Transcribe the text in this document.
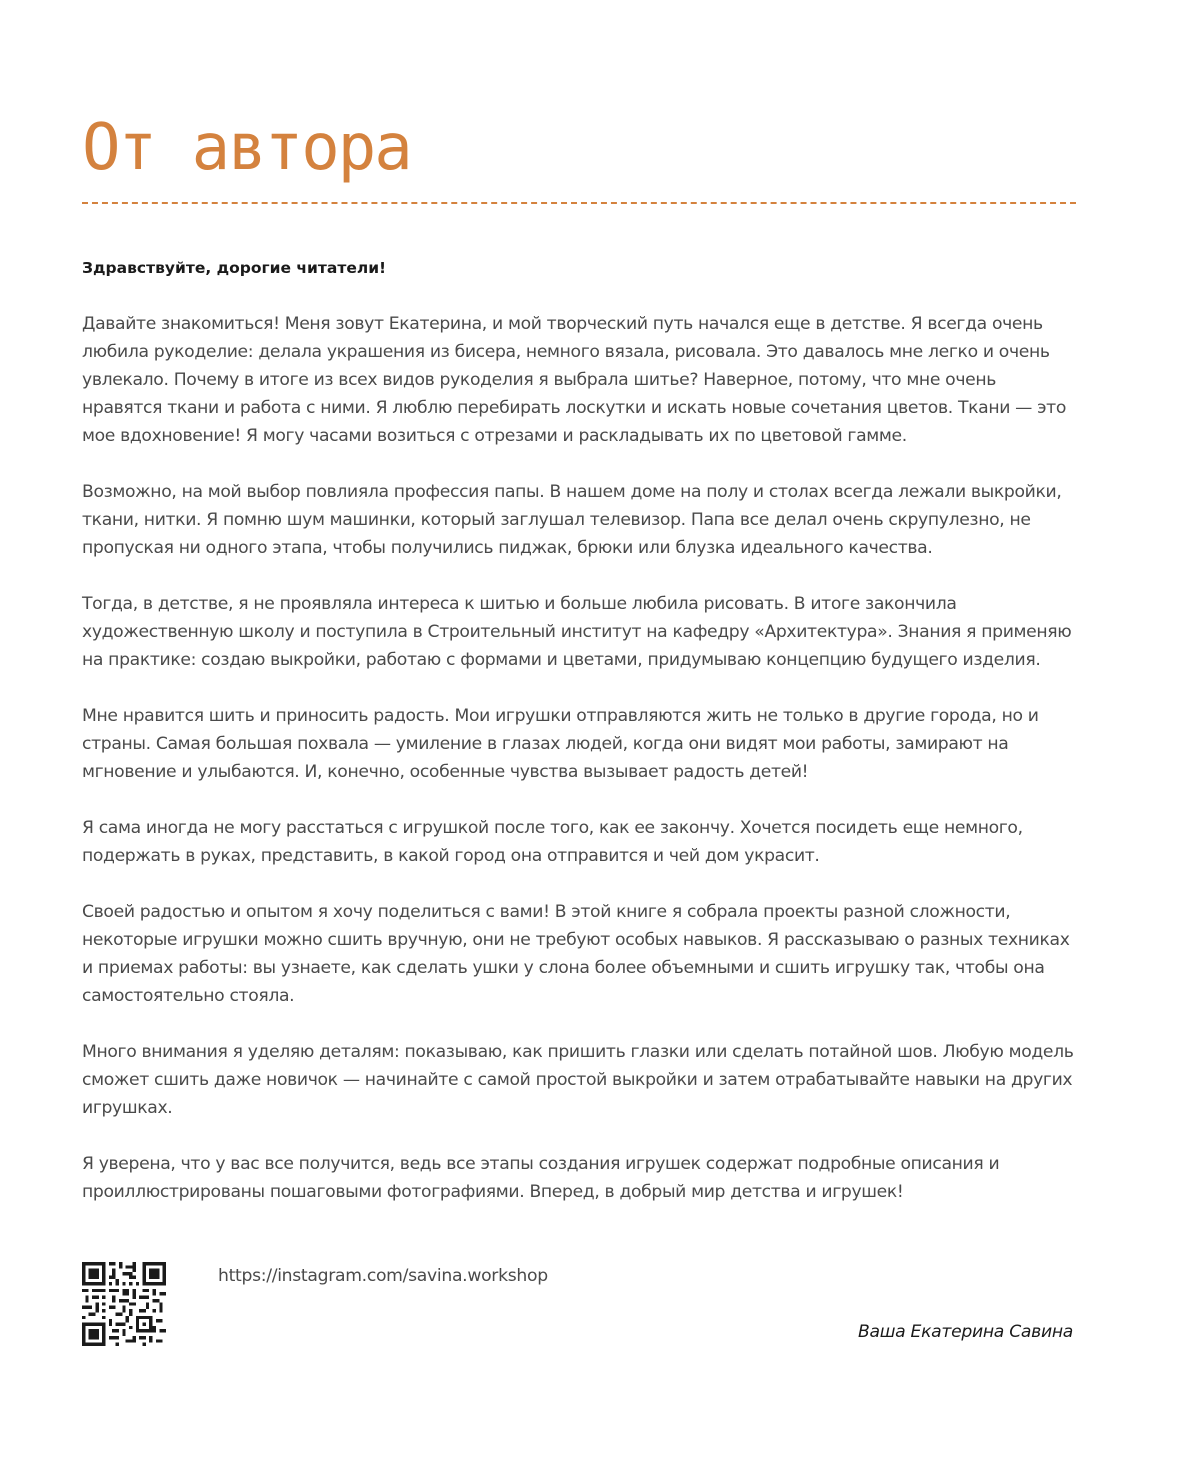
От автора

Здравствуйте, дорогие читатели!

Давайте знакомиться! Меня зовут Екатерина, и мой творческий путь начался еще в детстве. Я всегда очень любила рукоделие: делала украшения из бисера, немного вязала, рисовала. Это давалось мне легко и очень увлекало. Почему в итоге из всех видов рукоделия я выбрала шитье? Наверное, потому, что мне очень нравятся ткани и работа с ними. Я люблю перебирать лоскутки и искать новые сочетания цветов. Ткани — это мое вдохновение! Я могу часами возиться с отрезами и раскладывать их по цветовой гамме.

Возможно, на мой выбор повлияла профессия папы. В нашем доме на полу и столах всегда лежали выкройки, ткани, нитки. Я помню шум машинки, который заглушал телевизор. Папа все делал очень скрупулезно, не пропуская ни одного этапа, чтобы получились пиджак, брюки или блузка идеального качества.

Тогда, в детстве, я не проявляла интереса к шитью и больше любила рисовать. В итоге закончила художественную школу и поступила в Строительный институт на кафедру «Архитектура». Знания я применяю на практике: создаю выкройки, работаю с формами и цветами, придумываю концепцию будущего изделия.

Мне нравится шить и приносить радость. Мои игрушки отправляются жить не только в другие города, но и страны. Самая большая похвала — умиление в глазах людей, когда они видят мои работы, замирают на мгновение и улыбаются. И, конечно, особенные чувства вызывает радость детей!

Я сама иногда не могу расстаться с игрушкой после того, как ее закончу. Хочется посидеть еще немного, подержать в руках, представить, в какой город она отправится и чей дом украсит.

Своей радостью и опытом я хочу поделиться с вами! В этой книге я собрала проекты разной сложности, некоторые игрушки можно сшить вручную, они не требуют особых навыков. Я рассказываю о разных техниках и приемах работы: вы узнаете, как сделать ушки у слона более объемными и сшить игрушку так, чтобы она самостоятельно стояла.

Много внимания я уделяю деталям: показываю, как пришить глазки или сделать потайной шов. Любую модель сможет сшить даже новичок — начинайте с самой простой выкройки и затем отрабатывайте навыки на других игрушках.

Я уверена, что у вас все получится, ведь все этапы создания игрушек содержат подробные описания и проиллюстрированы пошаговыми фотографиями. Вперед, в добрый мир детства и игрушек!

https://instagram.com/savina.workshop
Ваша Екатерина Савина
